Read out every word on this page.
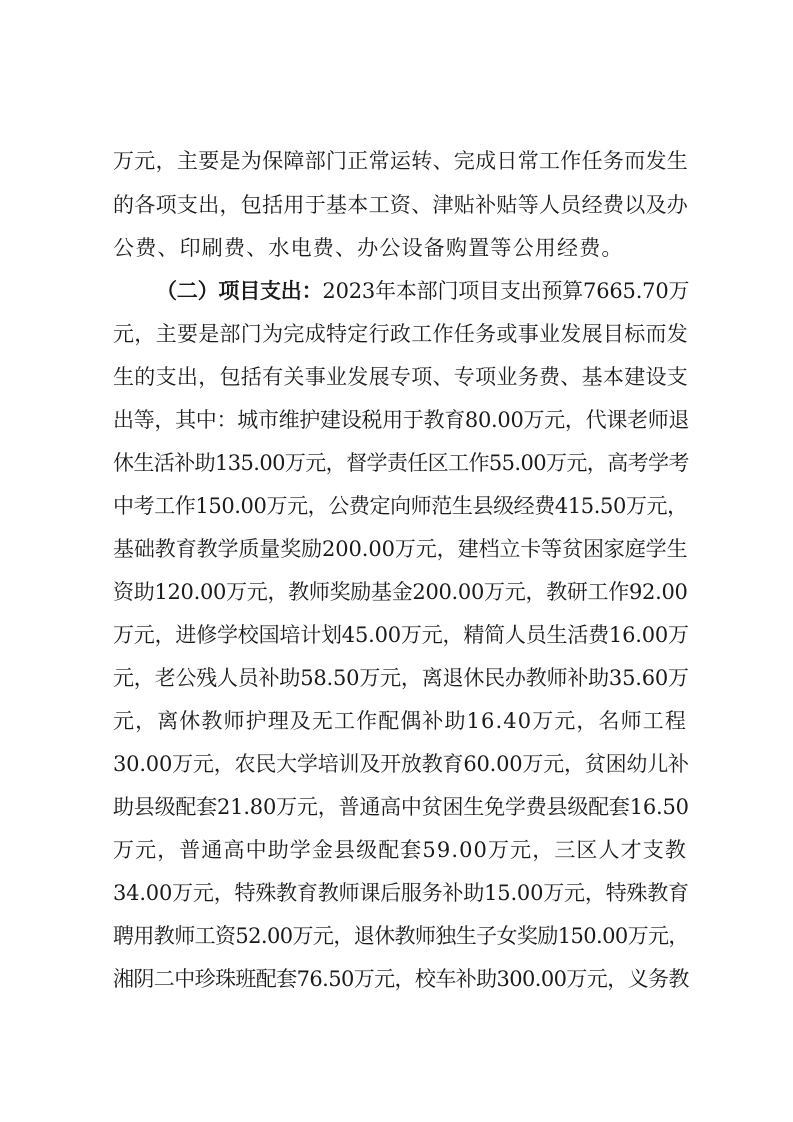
万元，主要是为保障部门正常运转、完成日常工作任务而发生
的各项支出，包括用于基本工资、津贴补贴等人员经费以及办
公费、印刷费、水电费、办公设备购置等公用经费。
（二）项目支出：2023年本部门项目支出预算7665.70万
元，主要是部门为完成特定行政工作任务或事业发展目标而发
生的支出，包括有关事业发展专项、专项业务费、基本建设支
出等，其中：城市维护建设税用于教育80.00万元，代课老师退
休生活补助135.00万元，督学责任区工作55.00万元，高考学考
中考工作150.00万元，公费定向师范生县级经费415.50万元，
基础教育教学质量奖励200.00万元，建档立卡等贫困家庭学生
资助120.00万元，教师奖励基金200.00万元，教研工作92.00
万元，进修学校国培计划45.00万元，精简人员生活费16.00万
元，老公残人员补助58.50万元，离退休民办教师补助35.60万
元，离休教师护理及无工作配偶补助16.40万元，名师工程
30.00万元，农民大学培训及开放教育60.00万元，贫困幼儿补
助县级配套21.80万元，普通高中贫困生免学费县级配套16.50
万元，普通高中助学金县级配套59.00万元，三区人才支教
34.00万元，特殊教育教师课后服务补助15.00万元，特殊教育
聘用教师工资52.00万元，退休教师独生子女奖励150.00万元，
湘阴二中珍珠班配套76.50万元，校车补助300.00万元，义务教
